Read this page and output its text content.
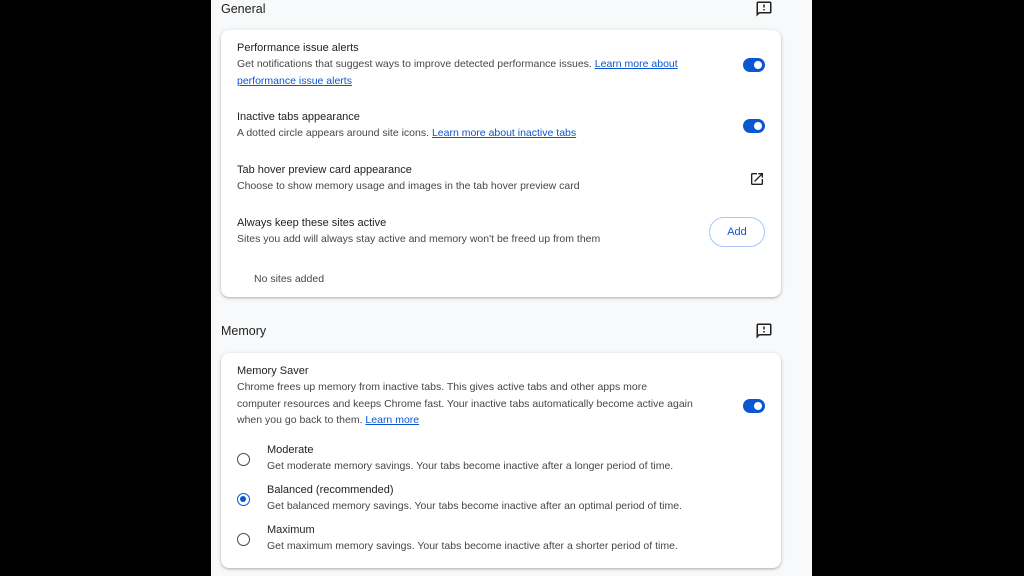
General
Performance issue alerts
Get notifications that suggest ways to improve detected performance issues. Learn more about
performance issue alerts
Inactive tabs appearance
A dotted circle appears around site icons. Learn more about inactive tabs
Tab hover preview card appearance
Choose to show memory usage and images in the tab hover preview card
Always keep these sites active
Sites you add will always stay active and memory won't be freed up from them
Add
No sites added
Memory
Memory Saver
Chrome frees up memory from inactive tabs. This gives active tabs and other apps more
computer resources and keeps Chrome fast. Your inactive tabs automatically become active again
when you go back to them. Learn more
Moderate
Get moderate memory savings. Your tabs become inactive after a longer period of time.
Balanced (recommended)
Get balanced memory savings. Your tabs become inactive after an optimal period of time.
Maximum
Get maximum memory savings. Your tabs become inactive after a shorter period of time.
